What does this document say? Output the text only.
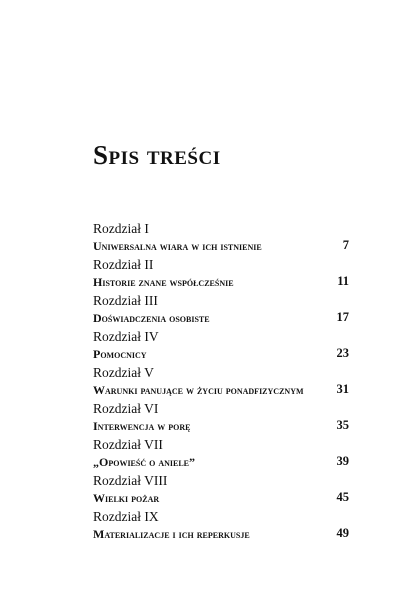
Spis treści
Rozdział I
Uniwersalna wiara w ich istnienie	7
Rozdział II
Historie znane współcześnie	11
Rozdział III
Doświadczenia osobiste	17
Rozdział IV
Pomocnicy	23
Rozdział V
Warunki panujące w życiu ponadfizycznym	31
Rozdział VI
Interwencja w porę	35
Rozdział VII
„Opowieść o aniele”	39
Rozdział VIII
Wielki pożar	45
Rozdział IX
Materializacje i ich reperkusje	49
